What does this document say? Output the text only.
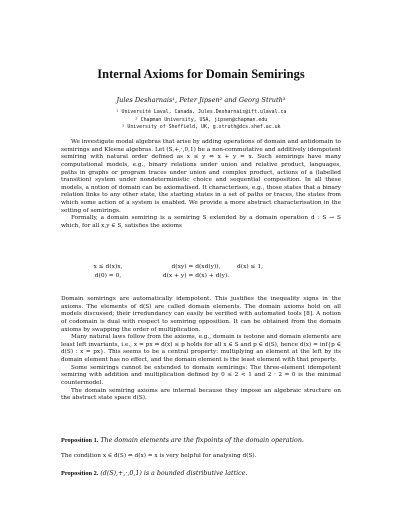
Internal Axioms for Domain Semirings
Jules Desharnais¹, Peter Jipsen² and Georg Struth³
¹ Université Laval, Canada, Jules.Desharnais@ift.ulaval.ca
² Chapman University, USA, jipsen@chapman.edu
³ University of Sheffield, UK, g.struth@dcs.shef.ac.uk

We investigate modal algebras that arise by adding operations of domain and antidomain to semirings and Kleene algebras. Let (S,+,·,0,1) be a non-commutative and additively idempotent semiring with natural order defined as x ≤ y ⇔ x + y = x. Such semirings have many computational models, e.g., binary relations under union and relative product, languages, paths in graphs or program traces under union and complex product, actions of a (labelled transition) system under nondeterministic choice and sequential composition. In all these models, a notion of domain can be axiomatised. It characterises, e.g., those states that a binary relation links to any other state, the starting states in a set of paths or traces, the states from which some action of a system is enabled. We provide a more abstract characterisation in the setting of semirings.

Formally, a domain semiring is a semiring S extended by a domain operation d : S → S which, for all x,y ∈ S, satisfies the axioms

x ≤ d(x)x,	d(xy) = d(xd(y)),	d(x) ≤ 1,
d(0) = 0,	d(x + y) = d(x) + d(y).

Domain semirings are automatically idempotent. This justifies the inequality signs in the axioms. The elements of d(S) are called domain elements. The domain axioms hold on all models discussed; their irredundancy can easily be verified with automated tools [8]. A notion of codomain is dual with respect to semiring opposition. It can be obtained from the domain axioms by swapping the order of multiplication.

Many natural laws follow from the axioms, e.g., domain is isotone and domain elements are least left invariants, i.e., x = px ⇔ d(x) ≤ p holds for all x ∈ S and p ∈ d(S), hence d(x) = inf{p ∈ d(S) : x = px}. This seems to be a central property: multiplying an element at the left by its domain element has no effect, and the domain element is the least element with that property.

Some semirings cannot be extended to domain semirings: The three-element idempotent semiring with addition and multiplication defined by 0 ≤ 2 < 1 and 2 · 2 = 0 is the minimal countermodel.

The domain semiring axioms are internal because they impose an algebraic structure on the abstract state space d(S).

Proposition 1. The domain elements are the fixpoints of the domain operation.
The condition x ∈ d(S) ⇔ d(x) = x is very helpful for analysing d(S).
Proposition 2. (d(S),+,·,0,1) is a bounded distributive lattice.
